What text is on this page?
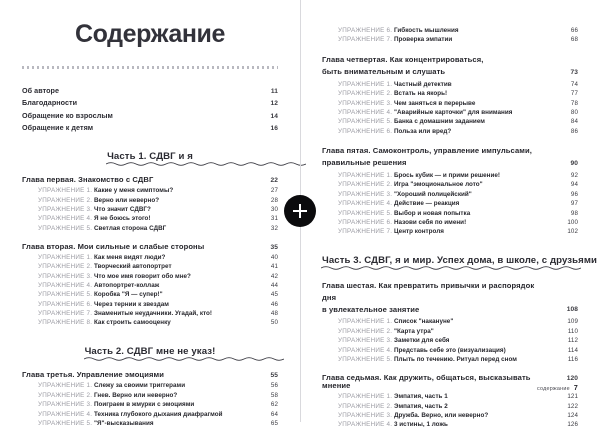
Содержание
Об авторе	11
Благодарности	12
Обращение ко взрослым	14
Обращение к детям	16
Часть 1. СДВГ и я
Глава первая. Знакомство с СДВГ	22
УПРАЖНЕНИЕ 1. Какие у меня симптомы?	27
УПРАЖНЕНИЕ 2. Верно или неверно?	28
УПРАЖНЕНИЕ 3. Что значит СДВГ?	30
УПРАЖНЕНИЕ 4. Я не боюсь этого!	31
УПРАЖНЕНИЕ 5. Светлая сторона СДВГ	32
Глава вторая. Мои сильные и слабые стороны	35
УПРАЖНЕНИЕ 1. Как меня видят люди?	40
УПРАЖНЕНИЕ 2. Творческий автопортрет	41
УПРАЖНЕНИЕ 3. Что мое имя говорит обо мне?	42
УПРАЖНЕНИЕ 4. Автопортрет-коллаж	44
УПРАЖНЕНИЕ 5. Коробка "Я — супер!"	45
УПРАЖНЕНИЕ 6. Через тернии к звездам	46
УПРАЖНЕНИЕ 7. Знаменитые неудачники. Угадай, кто!	48
УПРАЖНЕНИЕ 8. Как строить самооценку	50
Часть 2. СДВГ мне не указ!
Глава третья. Управление эмоциями	55
УПРАЖНЕНИЕ 1. Слежу за своими триггерами	56
УПРАЖНЕНИЕ 2. Гнев. Верно или неверно?	58
УПРАЖНЕНИЕ 3. Поиграем в жмурки с эмоциями	62
УПРАЖНЕНИЕ 4. Техника глубокого дыхания диафрагмой	64
УПРАЖНЕНИЕ 5. "Я"-высказывания	65
УПРАЖНЕНИЕ 6. Гибкость мышления	66
УПРАЖНЕНИЕ 7. Проверка эмпатии	68
Глава четвертая. Как концентрироваться,
быть внимательным и слушать	73
УПРАЖНЕНИЕ 1. Частный детектив	74
УПРАЖНЕНИЕ 2. Встать на якорь!	77
УПРАЖНЕНИЕ 3. Чем заняться в перерыве	78
УПРАЖНЕНИЕ 4. "Аварийные карточки" для внимания	80
УПРАЖНЕНИЕ 5. Банка с домашним заданием	84
УПРАЖНЕНИЕ 6. Польза или вред?	86
Глава пятая. Самоконтроль, управление импульсами,
правильные решения	90
УПРАЖНЕНИЕ 1. Брось кубик — и прими решение!	92
УПРАЖНЕНИЕ 2. Игра "эмоциональное лото"	94
УПРАЖНЕНИЕ 3. "Хороший полицейский"	96
УПРАЖНЕНИЕ 4. Действие — реакция	97
УПРАЖНЕНИЕ 5. Выбор и новая попытка	98
УПРАЖНЕНИЕ 6. Назови себя по имени!	100
УПРАЖНЕНИЕ 7. Центр контроля	102
Часть 3. СДВГ, я и мир. Успех дома, в школе, с друзьями
Глава шестая. Как превратить привычки и распорядок дня
в увлекательное занятие	108
УПРАЖНЕНИЕ 1. Список "накануне"	109
УПРАЖНЕНИЕ 2. "Карта утра"	110
УПРАЖНЕНИЕ 3. Заметки для себя	112
УПРАЖНЕНИЕ 4. Представь себе это (визуализация)	114
УПРАЖНЕНИЕ 5. Плыть по течению. Ритуал перед сном	116
Глава седьмая. Как дружить, общаться, высказывать мнение
120
УПРАЖНЕНИЕ 1. Эмпатия, часть 1	121
УПРАЖНЕНИЕ 2. Эмпатия, часть 2	122
УПРАЖНЕНИЕ 3. Дружба. Верно, или неверно?	124
УПРАЖНЕНИЕ 4. 3 истины, 1 ложь	126
содержание 7
